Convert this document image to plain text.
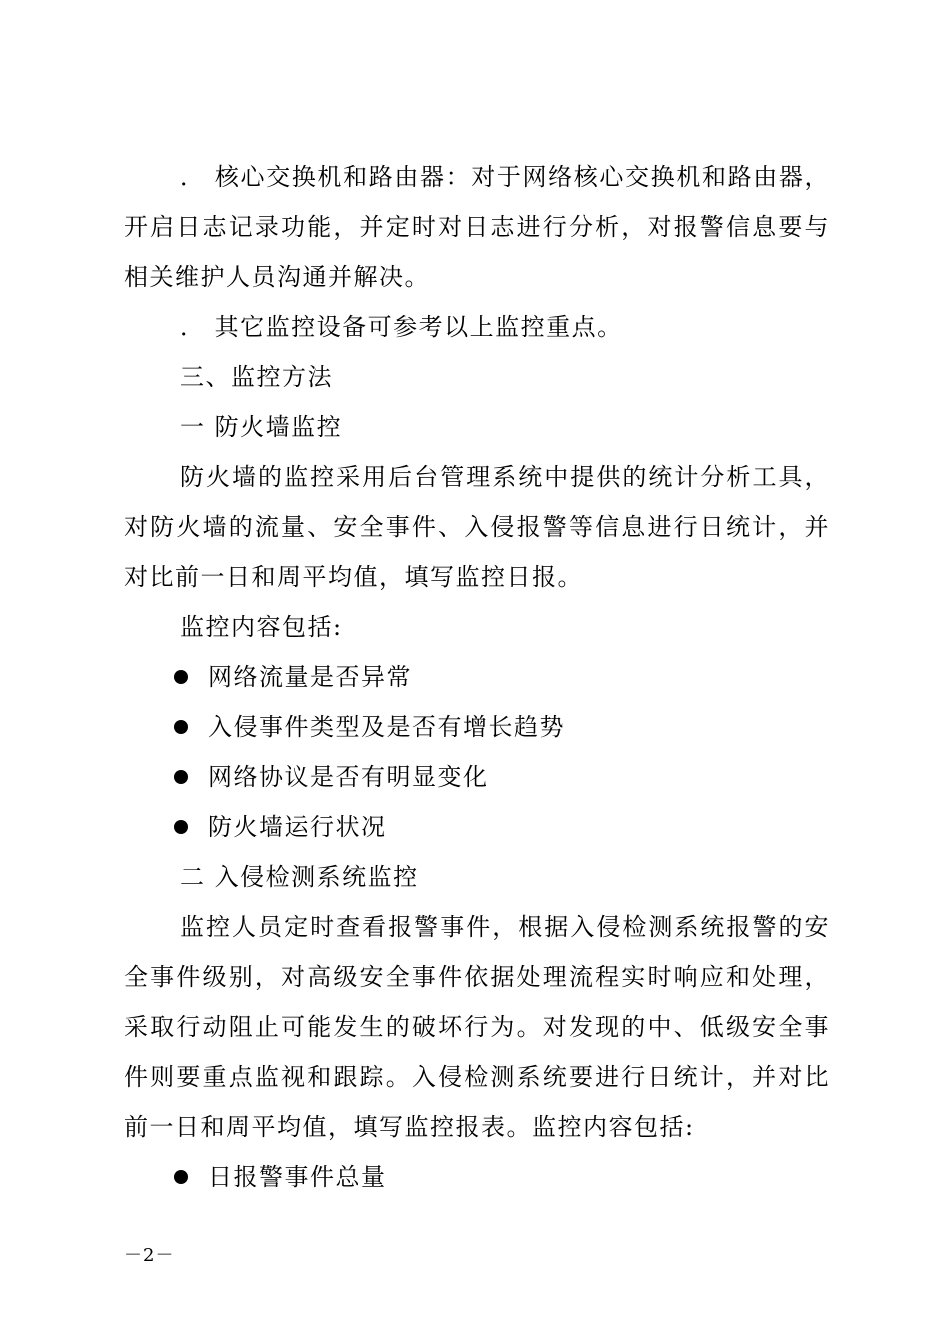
． 核心交换机和路由器：对于网络核心交换机和路由器，开启日志记录功能，并定时对日志进行分析，对报警信息要与相关维护人员沟通并解决。

． 其它监控设备可参考以上监控重点。

三、监控方法

一 防火墙监控

防火墙的监控采用后台管理系统中提供的统计分析工具，对防火墙的流量、安全事件、入侵报警等信息进行日统计，并对比前一日和周平均值，填写监控日报。

监控内容包括:

网络流量是否异常
入侵事件类型及是否有增长趋势
网络协议是否有明显变化
防火墙运行状况

二 入侵检测系统监控

监控人员定时查看报警事件，根据入侵检测系统报警的安全事件级别，对高级安全事件依据处理流程实时响应和处理，采取行动阻止可能发生的破坏行为。对发现的中、低级安全事件则要重点监视和跟踪。入侵检测系统要进行日统计，并对比前一日和周平均值，填写监控报表。监控内容包括:

日报警事件总量
－2－
